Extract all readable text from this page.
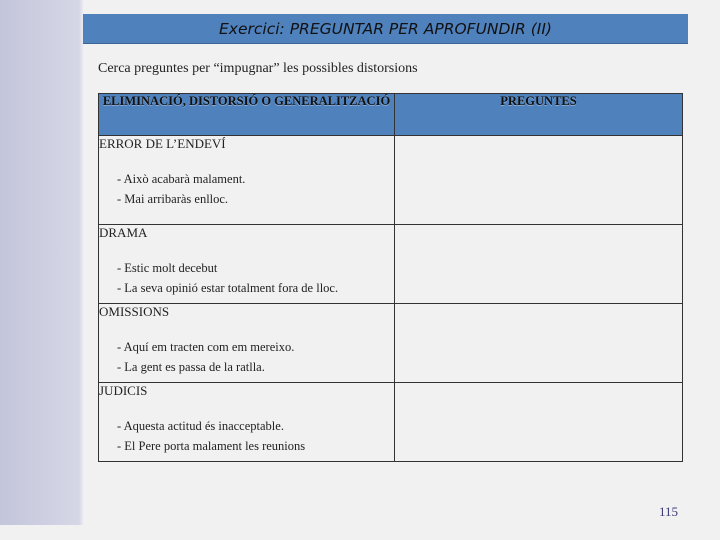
Exercici: PREGUNTAR PER APROFUNDIR (II)
Cerca preguntes per “impugnar” les possibles distorsions
ELIMINACIÓ, DISTORSIÓ O GENERALITZACIÓ	PREGUNTES

ERROR DE L’ENDEVÍ
- Això acabarà malament.
- Mai arribaràs enlloc.	

DRAMA
- Estic molt decebut
- La seva opinió estar totalment fora de lloc.	

OMISSIONS
- Aquí em tracten com em mereixo.
- La gent es passa de la ratlla.	

JUDICIS
- Aquesta actitud és inacceptable.
- El Pere porta malament les reunions	

115
